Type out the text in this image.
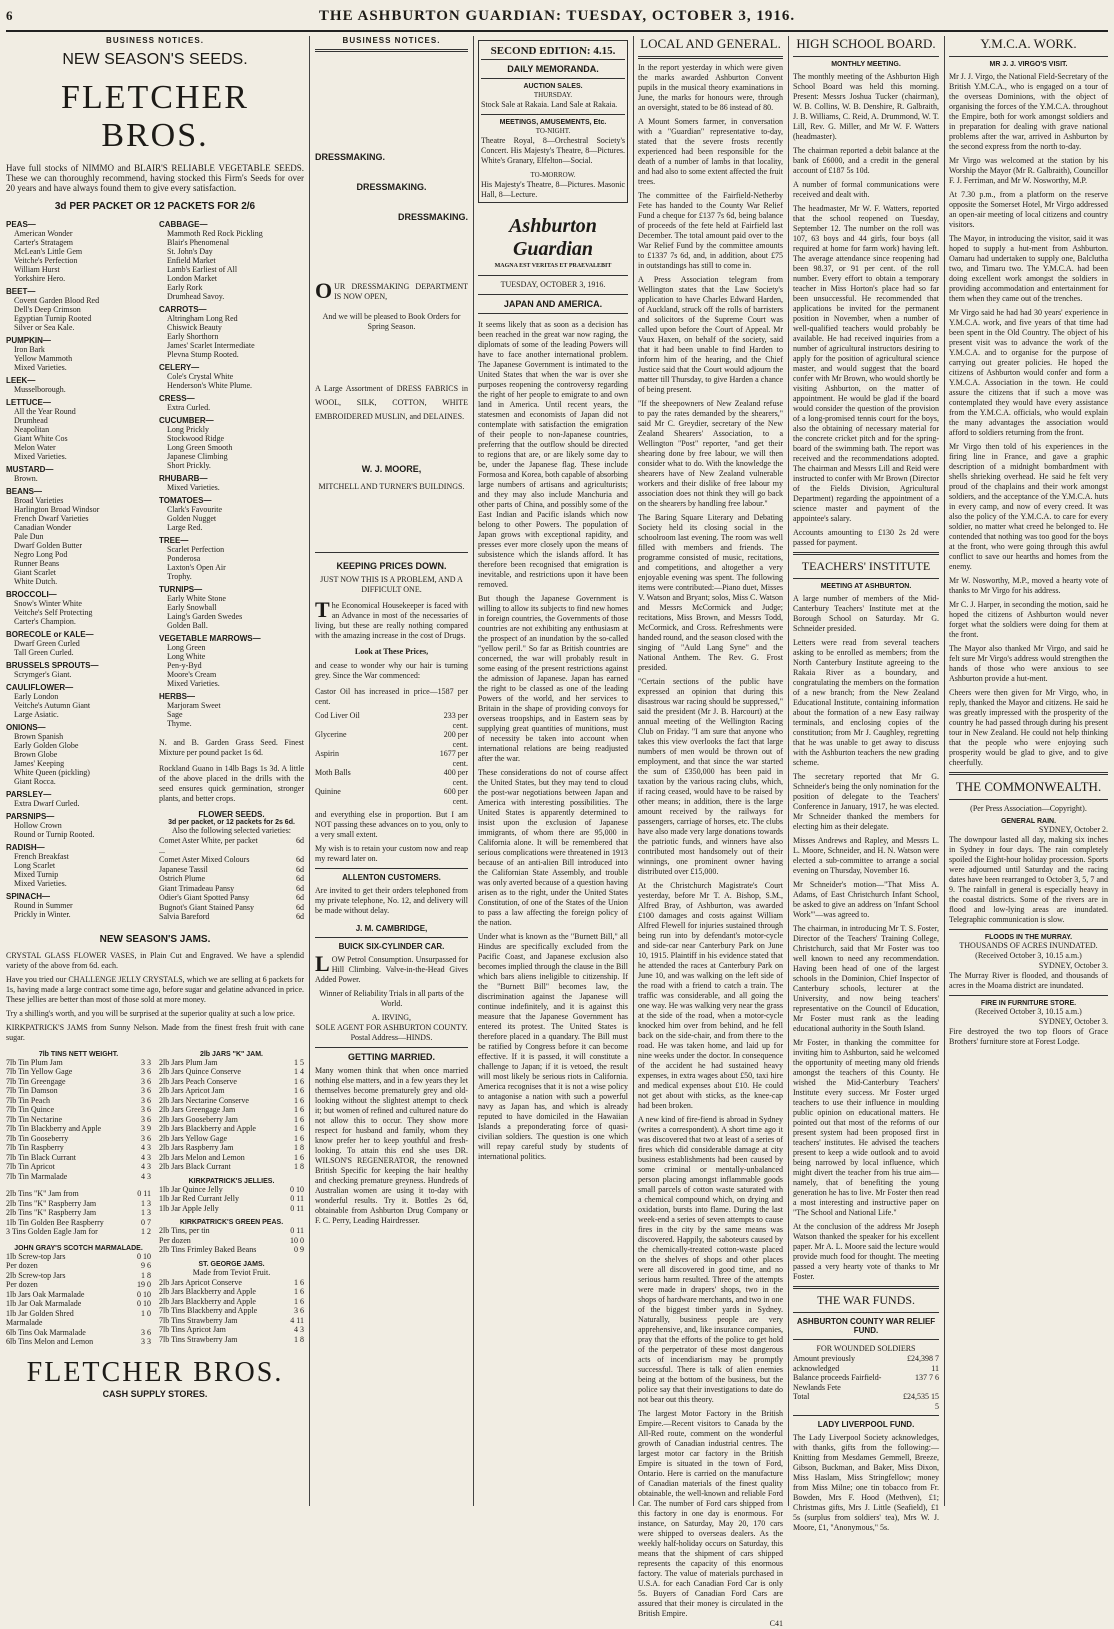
6	THE ASHBURTON GUARDIAN: TUESDAY, OCTOBER 3, 1916.
BUSINESS NOTICES.
NEW SEASON'S SEEDS.
FLETCHER BROS.
Have full stocks of NIMMO and BLAIR'S RELIABLE VEGETABLE SEEDS. These we can thoroughly recommend, having stocked this Firm's Seeds for over 20 years and have always found them to give every satisfaction.
3d PER PACKET OR 12 PACKETS FOR 2/6
PEAS—
American Wonder
Carter's Stratagem
McLean's Little Gem
Veitche's Perfection
William Hurst
Yorkshire Hero.
BEET—
Covent Garden Blood Red
Dell's Deep Crimson
Egyptian Turnip Rooted
Silver or Sea Kale.
PUMPKIN—
Iron Bark
Yellow Mammoth
Mixed Varieties.
LEEK—
Musselborough.
LETTUCE—
All the Year Round
Drumhead
Neapolitan
Giant White Cos
Melon Water
Mixed Varieties.
MUSTARD—
Brown.
BEANS—
Broad Varieties
Harlington Broad Windsor
French Dwarf Varieties
Canadian Wonder
Pale Dun
Dwarf Golden Butter
Negro Long Pod
Runner Beans
Giant Scarlet
White Dutch.
BROCCOLI—
Snow's Winter White
Veitche's Self Protecting
Carter's Champion.
BORECOLE or KALE—
Dwarf Green Curled
Tall Green Curled.
BRUSSELS SPROUTS—
Scrymger's Giant.
CAULIFLOWER—
Early London
Veitche's Autumn Giant
Large Asiatic.
ONIONS—
Brown Spanish
Early Golden Globe
Brown Globe
James' Keeping
White Queen (pickling)
Giant Rocca.
PARSLEY—
Extra Dwarf Curled.
PARSNIPS—
Hollow Crown
Round or Turnip Rooted.
RADISH—
French Breakfast
Long Scarlet
Mixed Turnip
Mixed Varieties.
SPINACH—
Round in Summer
Prickly in Winter.
CABBAGE—
Mammoth Red Rock Pickling
Blair's Phenomenal
St. John's Day
Enfield Market
Lamb's Earliest of All
London Market
Early Rork
Drumhead Savoy.
CARROTS—
Altringham Long Red
Chiswick Beauty
Early Shorthorn
James' Scarlet Intermediate
Plevna Stump Rooted.
CELERY—
Cole's Crystal White
Henderson's White Plume.
CRESS—
Extra Curled.
CUCUMBER—
Long Prickly
Stockwood Ridge
Long Green Smooth
Japanese Climbing
Short Prickly.
RHUBARB—
Mixed Varieties.
TOMATOES—
Clark's Favourite
Golden Nugget
Large Red.
TREE—
Scarlet Perfection
Ponderosa
Laxton's Open Air
Trophy.
TURNIPS—
Early White Stone
Early Snowball
Laing's Garden Swedes
Golden Ball.
VEGETABLE MARROWS—
Long Green
Long White
Pen-y-Byd
Moore's Cream
Mixed Varieties.
HERBS—
Marjoram Sweet
Sage
Thyme.
N. and B. Garden Grass Seed. Finest Mixture per pound packet 1s 6d.
Rockland Guano in 14lb Bags 1s 3d. A little of the above placed in the drills with the seed ensures quick germination, stronger plants, and better crops.
FLOWER SEEDS.
3d per packet, or 12 packets for 2s 6d.
Also the following selected varieties:
Comet Aster White, per packet ...
6d
Comet Aster Mixed Colours	6d
Japanese Tassil	6d
Ostrich Plume	6d
Giant Trimadeau Pansy	6d
Odier's Giant Spotted Pansy	6d
Bugnot's Giant Stained Pansy	6d
Salvia Bareford	6d
NEW SEASON'S JAMS.
CRYSTAL GLASS FLOWER VASES, in Plain Cut and Engraved. We have a splendid variety of the above from 6d. each.
Have you tried our CHALLENGE JELLY CRYSTALS, which we are selling at 6 packets for 1s, having made a large contract some time ago, before sugar and gelatine advanced in price. These jellies are better than most of those sold at more money.
Try a shilling's worth, and you will be surprised at the superior quality at such a low price.
KIRKPATRICK'S JAMS from Sunny Nelson. Made from the finest fresh fruit with cane sugar.
7lb TINS NETT WEIGHT.
7lb Tin Plum Jam	3 3
7lb Tin Yellow Gage	3 6
7lb Tin Greengage	3 6
7lb Tin Damson	3 6
7lb Tin Peach	3 6
7lb Tin Quince	3 6
7lb Tin Nectarine	3 6
7lb Tin Blackberry and Apple	3 9
7lb Tin Gooseberry	3 6
7lb Tin Raspberry	4 3
7lb Tin Black Currant	4 3
7lb Tin Apricot	4 3
7lb Tin Marmalade	4 3
2lb Tins "K" Jam from	0 11
2lb Tins "K" Raspberry Jam	1 3
2lb Tins "K" Raspberry Jam	1 3
1lb Tin Golden Bee Raspberry	0 7
3 Tins Golden Eagle Jam for	1 2
JOHN GRAY'S SCOTCH MARMALADE.
1lb Screw-top Jars	0 10
Per dozen	9 6
2lb Screw-top Jars	1 8
Per dozen	19 0
1lb Jars Oak Marmalade	0 10
1lb Jar Oak Marmalade	0 10
1lb Jar Golden Shred Marmalade
1 0
6lb Tins Oak Marmalade	3 6
6lb Tins Melon and Lemon	3 3
2lb JARS "K" JAM.
2lb Jars Plum Jam	1 5
2lb Jars Quince Conserve	1 4
2lb Jars Peach Conserve	1 6
2lb Jars Apricot Jam	1 6
2lb Jars Nectarine Conserve	1 6
2lb Jars Greengage Jam	1 6
2lb Jars Gooseberry Jam	1 6
2lb Jars Blackberry and Apple	1 6
2lb Jars Yellow Gage	1 6
2lb Jars Raspberry Jam	1 8
2lb Jars Melon and Lemon	1 6
2lb Jars Black Currant	1 8
KIRKPATRICK'S JELLIES.
1lb Jar Quince Jelly	0 10
1lb Jar Red Currant Jelly	0 11
1lb Jar Apple Jelly	0 11
KIRKPATRICK'S GREEN PEAS.
2lb Tins, per tin	0 11
Per dozen	10 0
2lb Tins Frimley Baked Beans	0 9
ST. GEORGE JAMS.
Made from Teviot Fruit.
2lb Jars Apricot Conserve	1 6
2lb Jars Blackberry and Apple	1 6
2lb Jars Blackberry and Apple	1 6
7lb Tins Blackberry and Apple	3 6
7lb Tins Strawberry Jam	4 11
7lb Tins Apricot Jam	4 3
7lb Tins Strawberry Jam	1 8
FLETCHER BROS.
CASH SUPPLY STORES.
BUSINESS NOTICES.
DRESSMAKING.
DRESSMAKING.
DRESSMAKING.
OUR DRESSMAKING DEPARTMENT IS NOW OPEN,
And we will be pleased to Book Orders for Spring Season.
A Large Assortment of DRESS FABRICS in WOOL, SILK, COTTON, WHITE EMBROIDERED MUSLIN, and DELAINES.
W. J. MOORE,
MITCHELL AND TURNER'S BUILDINGS.
KEEPING PRICES DOWN.
JUST NOW THIS IS A PROBLEM, AND A DIFFICULT ONE.
The Economical Housekeeper is faced with an Advance in most of the necessaries of living, but these are really nothing compared with the amazing increase in the cost of Drugs.
Look at These Prices,
and cease to wonder why our hair is turning grey. Since the War commenced:
Castor Oil has increased in price—1587 per cent.
Cod Liver Oil	233 per cent.
Glycerine	200 per cent.
Aspirin	1677 per cent.
Moth Balls	400 per cent.
Quinine	600 per cent.
and everything else in proportion. But I am NOT passing these advances on to you, only to a very small extent.
My wish is to retain your custom now and reap my reward later on.
ALLENTON CUSTOMERS.
Are invited to get their orders telephoned from my private telephone, No. 12, and delivery will be made without delay.
J. M. CAMBRIDGE,
BUICK SIX-CYLINDER CAR.
LOW Petrol Consumption. Unsurpassed for Hill Climbing. Valve-in-the-Head Gives Added Power.
Winner of Reliability Trials in all parts of the World.
A. IRVING,
SOLE AGENT FOR ASHBURTON COUNTY.
Postal Address—HINDS.
GETTING MARRIED.
Many women think that when once married nothing else matters, and in a few years they let themselves become prematurely grey and old-looking without the slightest attempt to check it; but women of refined and cultured nature do not allow this to occur. They show more respect for husband and family, whom they know prefer her to keep youthful and fresh-looking. To attain this end she uses DR. WILSON'S REGENERATOR, the renowned British Specific for keeping the hair healthy and checking premature greyness. Hundreds of Australian women are using it to-day with wonderful results. Try it. Bottles 2s 6d, obtainable from Ashburton Drug Company or F. C. Perry, Leading Hairdresser.
SECOND EDITION: 4.15.
DAILY MEMORANDA.
AUCTION SALES.
THURSDAY.
Stock Sale at Rakaia. Land Sale at Rakaia.
MEETINGS, AMUSEMENTS, Etc.
TO-NIGHT.
Theatre Royal, 8—Orchestral Society's Concert. His Majesty's Theatre, 8—Pictures. White's Granary, Elfelton—Social.
TO-MORROW.
His Majesty's Theatre, 8—Pictures. Masonic Hall, 8—Lecture.
Ashburton Guardian
MAGNA EST VERITAS ET PRAEVALEBIT
TUESDAY, OCTOBER 3, 1916.
JAPAN AND AMERICA.
It seems likely that as soon as a decision has been reached in the great war now raging, the diplomats of some of the leading Powers will have to face another international problem. The Japanese Government is intimated to the United States that when the war is over she purposes reopening the controversy regarding the right of her people to emigrate to and own land in America. Until recent years, the statesmen and economists of Japan did not contemplate with satisfaction the emigration of their people to non-Japanese countries, preferring that the outflow should be directed to regions that are, or are likely some day to be, under the Japanese flag. These include Formosa and Korea, both capable of absorbing large numbers of artisans and agriculturists; and they may also include Manchuria and other parts of China, and possibly some of the East Indian and Pacific islands which now belong to other Powers. The population of Japan grows with exceptional rapidity, and presses ever more closely upon the means of subsistence which the islands afford. It has therefore been recognised that emigration is inevitable, and restrictions upon it have been removed.
But though the Japanese Government is willing to allow its subjects to find new homes in foreign countries, the Governments of those countries are not exhibiting any enthusiasm at the prospect of an inundation by the so-called "yellow peril." So far as British countries are concerned, the war will probably result in some easing of the present restrictions against the admission of Japanese. Japan has earned the right to be classed as one of the leading Powers of the world, and her services to Britain in the shape of providing convoys for overseas troopships, and in Eastern seas by supplying great quantities of munitions, must of necessity be taken into account when international relations are being readjusted after the war.
These considerations do not of course affect the United States, but they may tend to cloud the post-war negotiations between Japan and America with interesting possibilities. The United States is apparently determined to insist upon the exclusion of Japanese immigrants, of whom there are 95,000 in California alone. It will be remembered that serious complications were threatened in 1913 because of an anti-alien Bill introduced into the Californian State Assembly, and trouble was only averted because of a question having arisen as to the right, under the United States Constitution, of one of the States of the Union to pass a law affecting the foreign policy of the nation.
Under what is known as the "Burnett Bill," all Hindus are specifically excluded from the Pacific Coast, and Japanese exclusion also becomes implied through the clause in the Bill which bars aliens ineligible to citizenship. If the "Burnett Bill" becomes law, the discrimination against the Japanese will continue indefinitely, and it is against this measure that the Japanese Government has entered its protest. The United States is therefore placed in a quandary. The Bill must be ratified by Congress before it can become effective. If it is passed, it will constitute a challenge to Japan; if it is vetoed, the result will most likely be serious riots in California. America recognises that it is not a wise policy to antagonise a nation with such a powerful navy as Japan has, and which is already reputed to have domiciled in the Hawaiian Islands a preponderating force of quasi-civilian soldiers. The question is one which will repay careful study by students of international politics.
LOCAL AND GENERAL.
In the report yesterday in which were given the marks awarded Ashburton Convent pupils in the musical theory examinations in June, the marks for honours were, through an oversight, stated to be 86 instead of 80.
A Mount Somers farmer, in conversation with a "Guardian" representative to-day, stated that the severe frosts recently experienced had been responsible for the death of a number of lambs in that locality, and had also to some extent affected the fruit trees.
The committee of the Fairfield-Netherby Fete has handed to the County War Relief Fund a cheque for £137 7s 6d, being balance of proceeds of the fete held at Fairfield last December. The total amount paid over to the War Relief Fund by the committee amounts to £1337 7s 6d, and, in addition, about £75 in outstandings has still to come in.
A Press Association telegram from Wellington states that the Law Society's application to have Charles Edward Harden, of Auckland, struck off the rolls of barristers and solicitors of the Supreme Court was called upon before the Court of Appeal. Mr Vaux Haxen, on behalf of the society, said that it had been unable to find Harden to inform him of the hearing, and the Chief Justice said that the Court would adjourn the matter till Thursday, to give Harden a chance of being present.
"If the sheepowners of New Zealand refuse to pay the rates demanded by the shearers," said Mr C. Greydier, secretary of the New Zealand Shearers' Association, to a Wellington "Post" reporter, "and get their shearing done by free labour, we will then consider what to do. With the knowledge the shearers have of New Zealand vulnerable workers and their dislike of free labour my association does not think they will go back on the shearers by handling free labour."
The Baring Square Literary and Debating Society held its closing social in the schoolroom last evening. The room was well filled with members and friends. The programme consisted of music, recitations, and competitions, and altogether a very enjoyable evening was spent. The following items were contributed:—Piano duet, Misses V. Watson and Bryant; solos, Miss C. Watson and Messrs McCormick and Judge; recitations, Miss Brown, and Messrs Todd, McCormick, and Cross. Refreshments were handed round, and the season closed with the singing of "Auld Lang Syne" and the National Anthem. The Rev. G. Frost presided.
"Certain sections of the public have expressed an opinion that during this disastrous war racing should be suppressed," said the president (Mr J. B. Harcourt) at the annual meeting of the Wellington Racing Club on Friday. "I am sure that anyone who takes this view overlooks the fact that large numbers of men would be thrown out of employment, and that since the war started the sum of £350,000 has been paid in taxation by the various racing clubs, which, if racing ceased, would have to be raised by other means; in addition, there is the large amount received by the railways for passengers, carriage of horses, etc. The clubs have also made very large donations towards the patriotic funds, and winners have also contributed most handsomely out of their winnings, one prominent owner having distributed over £15,000.
At the Christchurch Magistrate's Court yesterday, before Mr T. A. Bishop, S.M., Alfred Bray, of Ashburton, was awarded £100 damages and costs against William Alfred Flewell for injuries sustained through being run into by defendant's motor-cycle and side-car near Canterbury Park on June 10, 1915. Plaintiff in his evidence stated that he attended the races at Canterbury Park on June 10, and was walking on the left side of the road with a friend to catch a train. The traffic was considerable, and all going the one way. He was walking very near the grass at the side of the road, when a motor-cycle knocked him over from behind, and he fell back on the side-chair, and from there to the road. He was taken home, and laid up for nine weeks under the doctor. In consequence of the accident he had sustained heavy expenses, in extra wages about £50, taxi hire and medical expenses about £10. He could not get about with sticks, as the knee-cap had been broken.
A new kind of fire-fiend is abroad in Sydney (writes a correspondent). A short time ago it was discovered that two at least of a series of fires which did considerable damage at city business establishments had been caused by some criminal or mentally-unbalanced person placing amongst inflammable goods small parcels of cotton waste saturated with a chemical compound which, on drying and oxidation, bursts into flame. During the last week-end a series of seven attempts to cause fires in the city by the same means was discovered. Happily, the saboteurs caused by the chemically-treated cotton-waste placed on the shelves of shops and other places were all discovered in good time, and no serious harm resulted. Three of the attempts were made in drapers' shops, two in the shops of hardware merchants, and two in one of the biggest timber yards in Sydney. Naturally, business people are very apprehensive, and, like insurance companies, pray that the efforts of the police to get hold of the perpetrator of these most dangerous acts of incendiarism may be promptly successful. There is talk of alien enemies being at the bottom of the business, but the police say that their investigations to date do not bear out this theory.
The largest Motor Factory in the British Empire.—Recent visitors to Canada by the All-Red route, comment on the wonderful growth of Canadian industrial centres. The largest motor car factory in the British Empire is situated in the town of Ford, Ontario. Here is carried on the manufacture of Canadian materials of the finest quality obtainable, the well-known and reliable Ford Car. The number of Ford cars shipped from this factory in one day is enormous. For instance, on Saturday, May 20, 170 cars were shipped to overseas dealers. As the weekly half-holiday occurs on Saturday, this means that the shipment of cars shipped represents the capacity of this enormous factory. The value of materials purchased in U.S.A. for each Canadian Ford Car is only 5s. Buyers of Canadian Ford Cars are assured that their money is circulated in the British Empire.
C41
HIGH SCHOOL BOARD.
MONTHLY MEETING.
The monthly meeting of the Ashburton High School Board was held this morning. Present: Messrs Joshua Tucker (chairman), W. B. Collins, W. B. Denshire, R. Galbraith, J. B. Williams, C. Reid, A. Drummond, W. T. Lill, Rev. G. Miller, and Mr W. F. Watters (headmaster).
The chairman reported a debit balance at the bank of £6000, and a credit in the general account of £187 5s 10d.
A number of formal communications were received and dealt with.
The headmaster, Mr W. F. Watters, reported that the school reopened on Tuesday, September 12. The number on the roll was 107, 63 boys and 44 girls, four boys (all required at home for farm work) having left. The average attendance since reopening had been 98.37, or 91 per cent. of the roll number. Every effort to obtain a temporary teacher in Miss Horton's place had so far been unsuccessful. He recommended that applications be invited for the permanent position in November, when a number of well-qualified teachers would probably be available. He had received inquiries from a number of agricultural instructors desiring to apply for the position of agricultural science master, and would suggest that the board confer with Mr Brown, who would shortly be visiting Ashburton, on the matter of appointment. He would be glad if the board would consider the question of the provision of a long-promised tennis court for the boys, also the obtaining of necessary material for the concrete cricket pitch and for the spring-board of the swimming bath. The report was received and the recommendations adopted. The chairman and Messrs Lill and Reid were instructed to confer with Mr Brown (Director of the Fields Division, Agricultural Department) regarding the appointment of a science master and payment of the appointee's salary.
Accounts amounting to £130 2s 2d were passed for payment.
TEACHERS' INSTITUTE
MEETING AT ASHBURTON.
A large number of members of the Mid-Canterbury Teachers' Institute met at the Borough School on Saturday. Mr G. Schneider presided.
Letters were read from several teachers asking to be enrolled as members; from the North Canterbury Institute agreeing to the Rakaia River as a boundary, and congratulating the members on the formation of a new branch; from the New Zealand Educational Institute, containing information about the formation of a new Easy railway terminals, and enclosing copies of the constitution; from Mr J. Caughley, regretting that he was unable to get away to discuss with the Ashburton teachers the new grading scheme.
The secretary reported that Mr G. Schneider's being the only nomination for the position of delegate to the Teachers' Conference in January, 1917, he was elected. Mr Schneider thanked the members for electing him as their delegate.
Misses Andrews and Rapley, and Messrs L. L. Moore, Schneider, and H. N. Watson were elected a sub-committee to arrange a social evening on Thursday, November 16.
Mr Schneider's motion—"That Miss A. Adams, of East Christchurch Infant School, be asked to give an address on 'Infant School Work'"—was agreed to.
The chairman, in introducing Mr T. S. Foster, Director of the Teachers' Training College, Christchurch, said that Mr Foster was too well known to need any recommendation. Having been head of one of the largest schools in the Dominion, Chief Inspector of Canterbury schools, lecturer at the University, and now being teachers' representative on the Council of Education, Mr Foster must rank as the leading educational authority in the South Island.
Mr Foster, in thanking the committee for inviting him to Ashburton, said he welcomed the opportunity of meeting many old friends amongst the teachers of this County. He wished the Mid-Canterbury Teachers' Institute every success. Mr Foster urged teachers to use their influence in moulding public opinion on educational matters. He pointed out that most of the reforms of our present system had been proposed first in teachers' institutes. He advised the teachers present to keep a wide outlook and to avoid being narrowed by local influence, which might divert the teacher from his true aim—namely, that of benefiting the young generation he has to live. Mr Foster then read a most interesting and instructive paper on "The School and National Life."
At the conclusion of the address Mr Joseph Watson thanked the speaker for his excellent paper. Mr A. L. Moore said the lecture would provide much food for thought. The meeting passed a very hearty vote of thanks to Mr Foster.
THE WAR FUNDS.
ASHBURTON COUNTY WAR RELIEF FUND.
FOR WOUNDED SOLDIERS
Amount previously acknowledged
£24,398 7 11
Balance proceeds Fairfield-Newlands Fete
137 7 6
Total	£24,535 15 5
LADY LIVERPOOL FUND.
The Lady Liverpool Society acknowledges, with thanks, gifts from the following:—Knitting from Mesdames Gemmell, Breeze, Gibson, Buckman, and Baker, Miss Dixon, Miss Haslam, Miss Stringfellow; money from Miss Milne; one tin tobacco from Fr. Bowden, Mrs F. Hood (Methven), £1; Christmas gifts, Mrs J. Little (Seafield), £1 5s (surplus from soldiers' tea), Mrs W. J. Moore, £1, "Anonymous," 5s.
Y.M.C.A. WORK.
MR J. J. VIRGO'S VISIT.
Mr J. J. Virgo, the National Field-Secretary of the British Y.M.C.A., who is engaged on a tour of the overseas Dominions, with the object of organising the forces of the Y.M.C.A. throughout the Empire, both for work amongst soldiers and in preparation for dealing with grave national problems after the war, arrived in Ashburton by the second express from the north to-day.
Mr Virgo was welcomed at the station by his Worship the Mayor (Mr R. Galbraith), Councillor F. J. Ferriman, and Mr W. Nosworthy, M.P.
At 7.30 p.m., from a platform on the reserve opposite the Somerset Hotel, Mr Virgo addressed an open-air meeting of local citizens and country visitors.
The Mayor, in introducing the visitor, said it was hoped to supply a hut-ment from Ashburton. Oamaru had undertaken to supply one, Balclutha two, and Timaru two. The Y.M.C.A. had been doing excellent work amongst the soldiers in providing accommodation and entertainment for them when they came out of the trenches.
Mr Virgo said he had had 30 years' experience in Y.M.C.A. work, and five years of that time had been spent in the Old Country. The object of his present visit was to advance the work of the Y.M.C.A. and to organise for the purpose of carrying out greater policies. He hoped the citizens of Ashburton would confer and form a Y.M.C.A. Association in the town. He could assure the citizens that if such a move was contemplated they would have every assistance from the Y.M.C.A. officials, who would explain the many advantages the association would afford to soldiers returning from the front.
Mr Virgo then told of his experiences in the firing line in France, and gave a graphic description of a midnight bombardment with shells shrieking overhead. He said he felt very proud of the chaplains and their work amongst soldiers, and the acceptance of the Y.M.C.A. huts in every camp, and now of every creed. It was also the policy of the Y.M.C.A. to care for every soldier, no matter what creed he belonged to. He contended that nothing was too good for the boys at the front, who were going through this awful conflict to save our hearths and homes from the enemy.
Mr W. Nosworthy, M.P., moved a hearty vote of thanks to Mr Virgo for his address.
Mr C. J. Harper, in seconding the motion, said he hoped the citizens of Ashburton would never forget what the soldiers were doing for them at the front.
The Mayor also thanked Mr Virgo, and said he felt sure Mr Virgo's address would strengthen the hands of those who were anxious to see Ashburton provide a hut-ment.
Cheers were then given for Mr Virgo, who, in reply, thanked the Mayor and citizens. He said he was greatly impressed with the prosperity of the country he had passed through during his present tour in New Zealand. He could not help thinking that the people who were enjoying such prosperity would be glad to give, and to give cheerfully.
THE COMMONWEALTH.
(Per Press Association—Copyright).
GENERAL RAIN.
SYDNEY, October 2.
The downpour lasted all day, making six inches in Sydney in four days. The rain completely spoiled the Eight-hour holiday procession. Sports were adjourned until Saturday and the racing dates have been rearranged to October 3, 5, 7 and 9. The rainfall in general is especially heavy in the coastal districts. Some of the rivers are in flood and low-lying areas are inundated. Telegraphic communication is slow.
FLOODS IN THE MURRAY.
THOUSANDS OF ACRES INUNDATED.
(Received October 3, 10.15 a.m.)
SYDNEY, October 3.
The Murray River is flooded, and thousands of acres in the Moama district are inundated.
FIRE IN FURNITURE STORE.
(Received October 3, 10.15 a.m.)
SYDNEY, October 3.
Fire destroyed the two top floors of Grace Brothers' furniture store at Forest Lodge.
